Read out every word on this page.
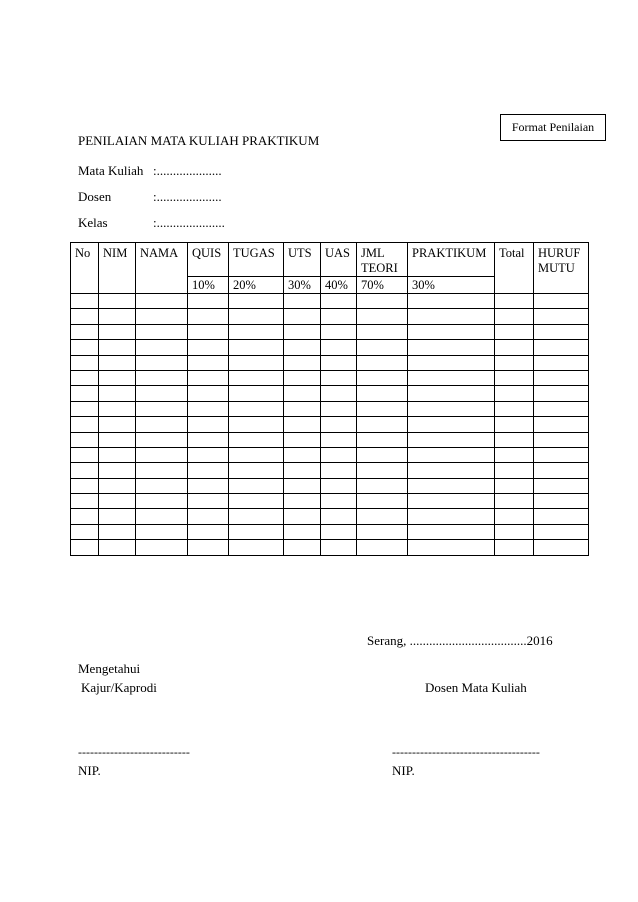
Format Penilaian
PENILAIAN MATA KULIAH PRAKTIKUM
Mata Kuliah :....................
Dosen	:....................
Kelas	:.....................
No	NIM	NAMA	QUIS	TUGAS	UTS	UAS	JML TEORI	PRAKTIKUM	Total	HURUF MUTU
			10%	20%	30%	40%	70%	30%		

Serang, ....................................2016
Mengetahui
Kajur/Kaprodi	Dosen Mata Kuliah
----------------------------	-------------------------------------
NIP.	NIP.
